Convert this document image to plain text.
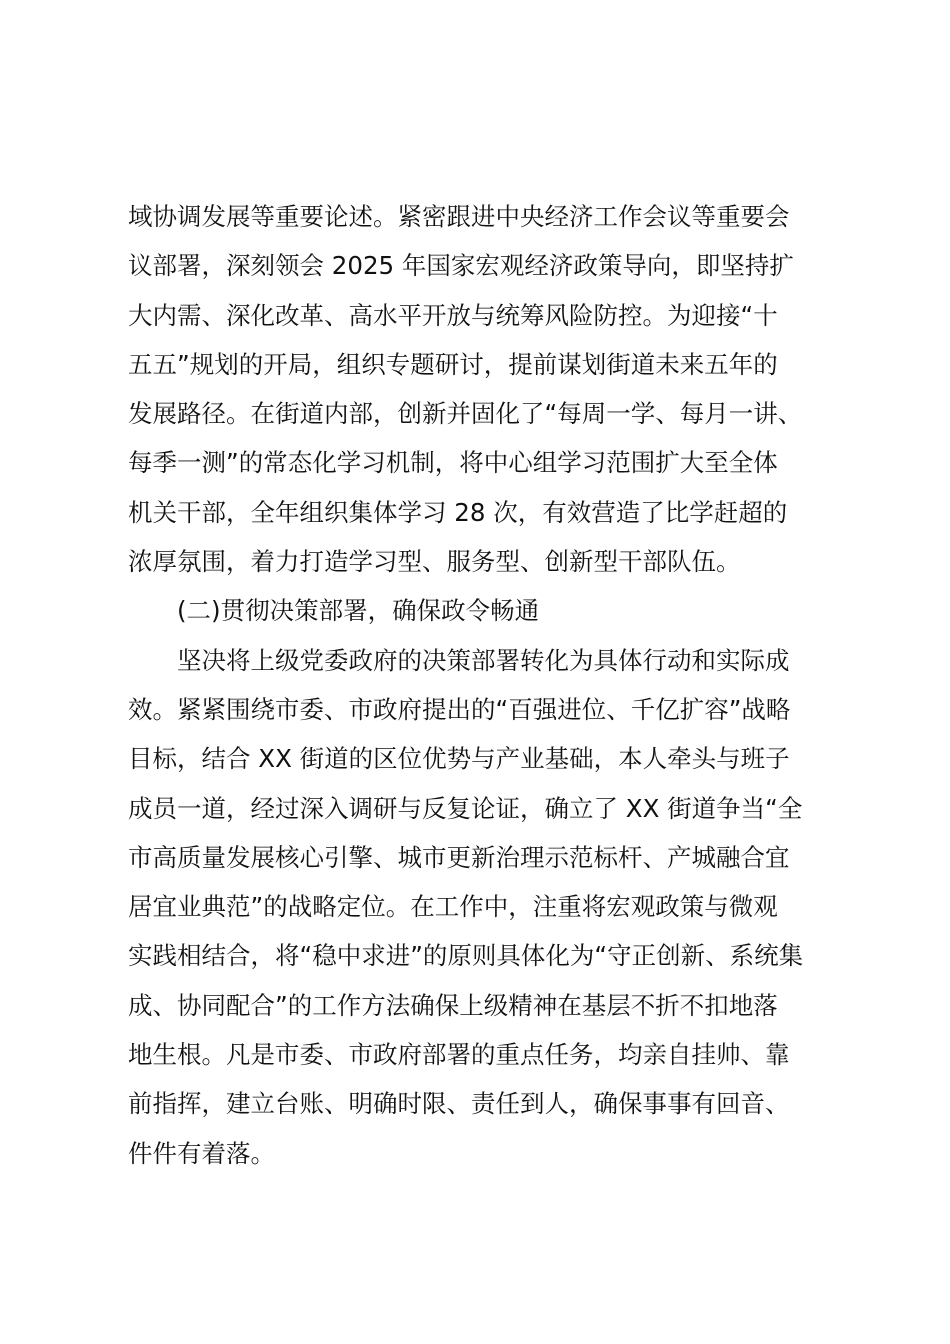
域协调发展等重要论述。紧密跟进中央经济工作会议等重要会
议部署，深刻领会 2025 年国家宏观经济政策导向，即坚持扩
大内需、深化改革、高水平开放与统筹风险防控。为迎接“十
五五”规划的开局，组织专题研讨，提前谋划街道未来五年的
发展路径。在街道内部，创新并固化了“每周一学、每月一讲、
每季一测”的常态化学习机制，将中心组学习范围扩大至全体
机关干部，全年组织集体学习 28 次，有效营造了比学赶超的
浓厚氛围，着力打造学习型、服务型、创新型干部队伍。
(二)贯彻决策部署，确保政令畅通
坚决将上级党委政府的决策部署转化为具体行动和实际成
效。紧紧围绕市委、市政府提出的“百强进位、千亿扩容”战略
目标，结合 XX 街道的区位优势与产业基础，本人牵头与班子
成员一道，经过深入调研与反复论证，确立了 XX 街道争当“全
市高质量发展核心引擎、城市更新治理示范标杆、产城融合宜
居宜业典范”的战略定位。在工作中，注重将宏观政策与微观
实践相结合，将“稳中求进”的原则具体化为“守正创新、系统集
成、协同配合”的工作方法确保上级精神在基层不折不扣地落
地生根。凡是市委、市政府部署的重点任务，均亲自挂帅、靠
前指挥，建立台账、明确时限、责任到人，确保事事有回音、
件件有着落。
